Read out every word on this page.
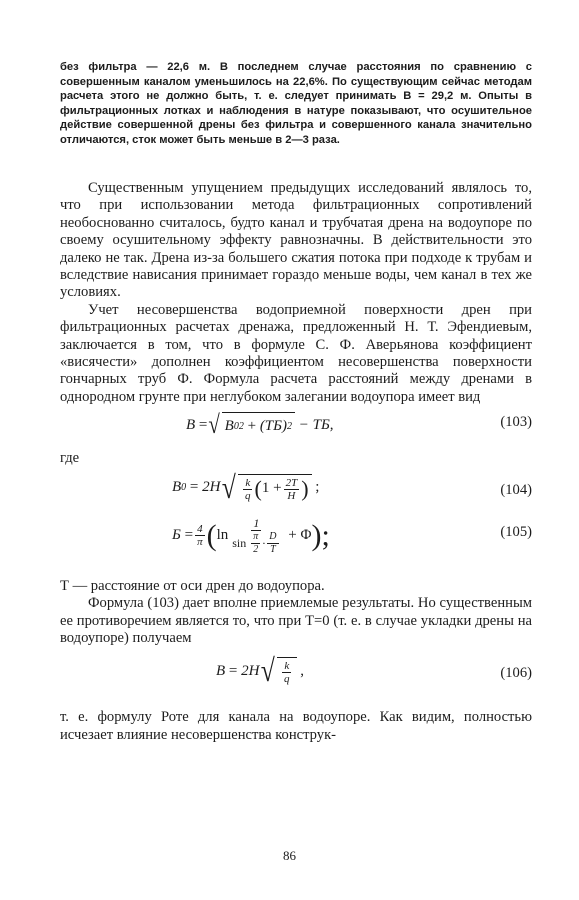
без фильтра — 22,6 м. В последнем случае расстояния по сравнению с совершенным каналом уменьшилось на 22,6%. По существующим сейчас методам расчета этого не должно быть, т. е. следует принимать В = 29,2 м. Опыты в фильтрационных лотках и наблюдения в натуре показывают, что осушительное действие совершенной дрены без фильтра и совершенного канала значительно отличаются, сток может быть меньше в 2—3 раза.

Существенным упущением предыдущих исследований являлось то, что при использовании метода фильтрационных сопротивлений необоснованно считалось, будто канал и трубчатая дрена на водоупоре по своему осушительному эффекту равнозначны. В действительности это далеко не так. Дрена из-за большего сжатия потока при подходе к трубам и вследствие нависания принимает гораздо меньше воды, чем канал в тех же условиях.

Учет несовершенства водоприемной поверхности дрен при фильтрационных расчетах дренажа, предложенный Н. Т. Эфендиевым, заключается в том, что в формуле С. Ф. Аверьянова коэффициент «висячести» дополнен коэффициентом несовершенства поверхности гончарных труб Ф. Формула расчета расстояний между дренами в однородном грунте при неглубоком залегании водоупора имеет вид

B
= √ B 0 2
+
(ТБ) 2
− ТБ,	(103)
где
B 0
=
2H √ $\frac{k}{q}$ ( 1
+ $\frac{2T}{H}$ )
;	(104)
Б
= $\frac{4}{\pi}$ ( ln 1
sin
$\frac{\pi}{2} \cdot \frac{D}{T}$
+
Φ );	(105)

Т — расстояние от оси дрен до водоупора.

Формула (103) дает вполне приемлемые результаты. Но существенным ее противоречием является то, что при Т=0 (т. е. в случае укладки дрены на водоупоре) получаем

B
=
2H √ $\frac{k}{q}$
,	(106)

т. е. формулу Роте для канала на водоупоре. Как видим, полностью исчезает влияние несовершенства конструк-

86
